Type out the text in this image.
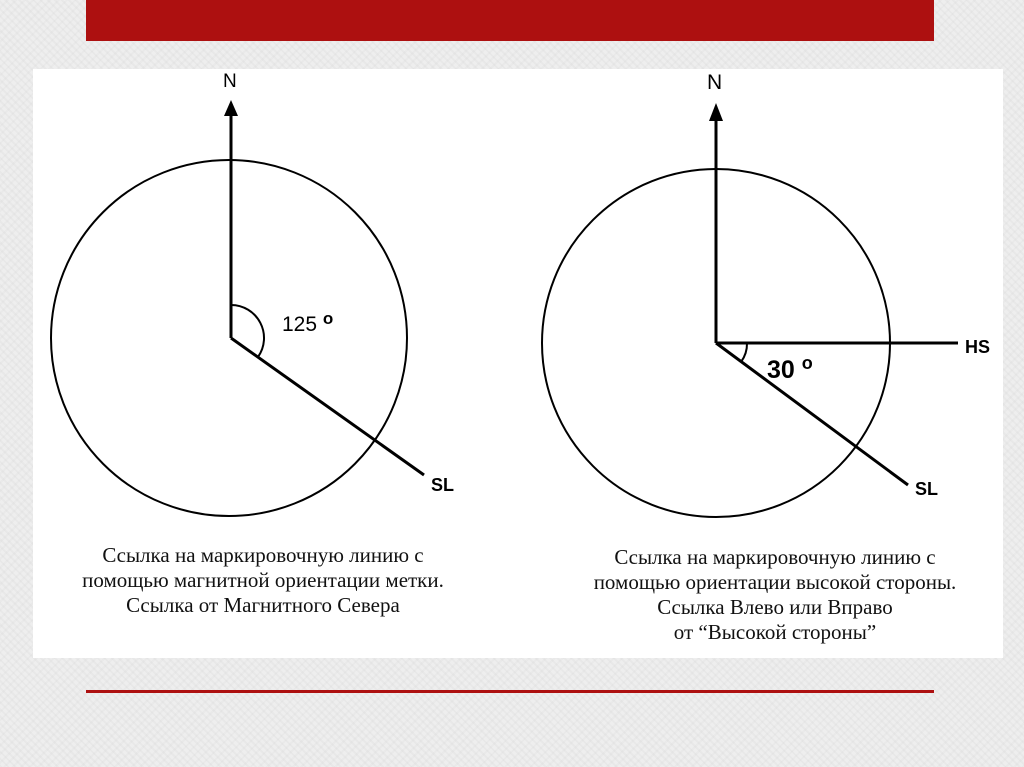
N
125 $^o$
SL
N
HS
30 $^o$
SL
Ссылка на маркировочную линию с
помощью магнитной ориентации метки.
Ссылка от Магнитного Севера
Ссылка на маркировочную линию с
помощью ориентации высокой стороны.
Ссылка Влево или Вправо
от “Высокой стороны”
